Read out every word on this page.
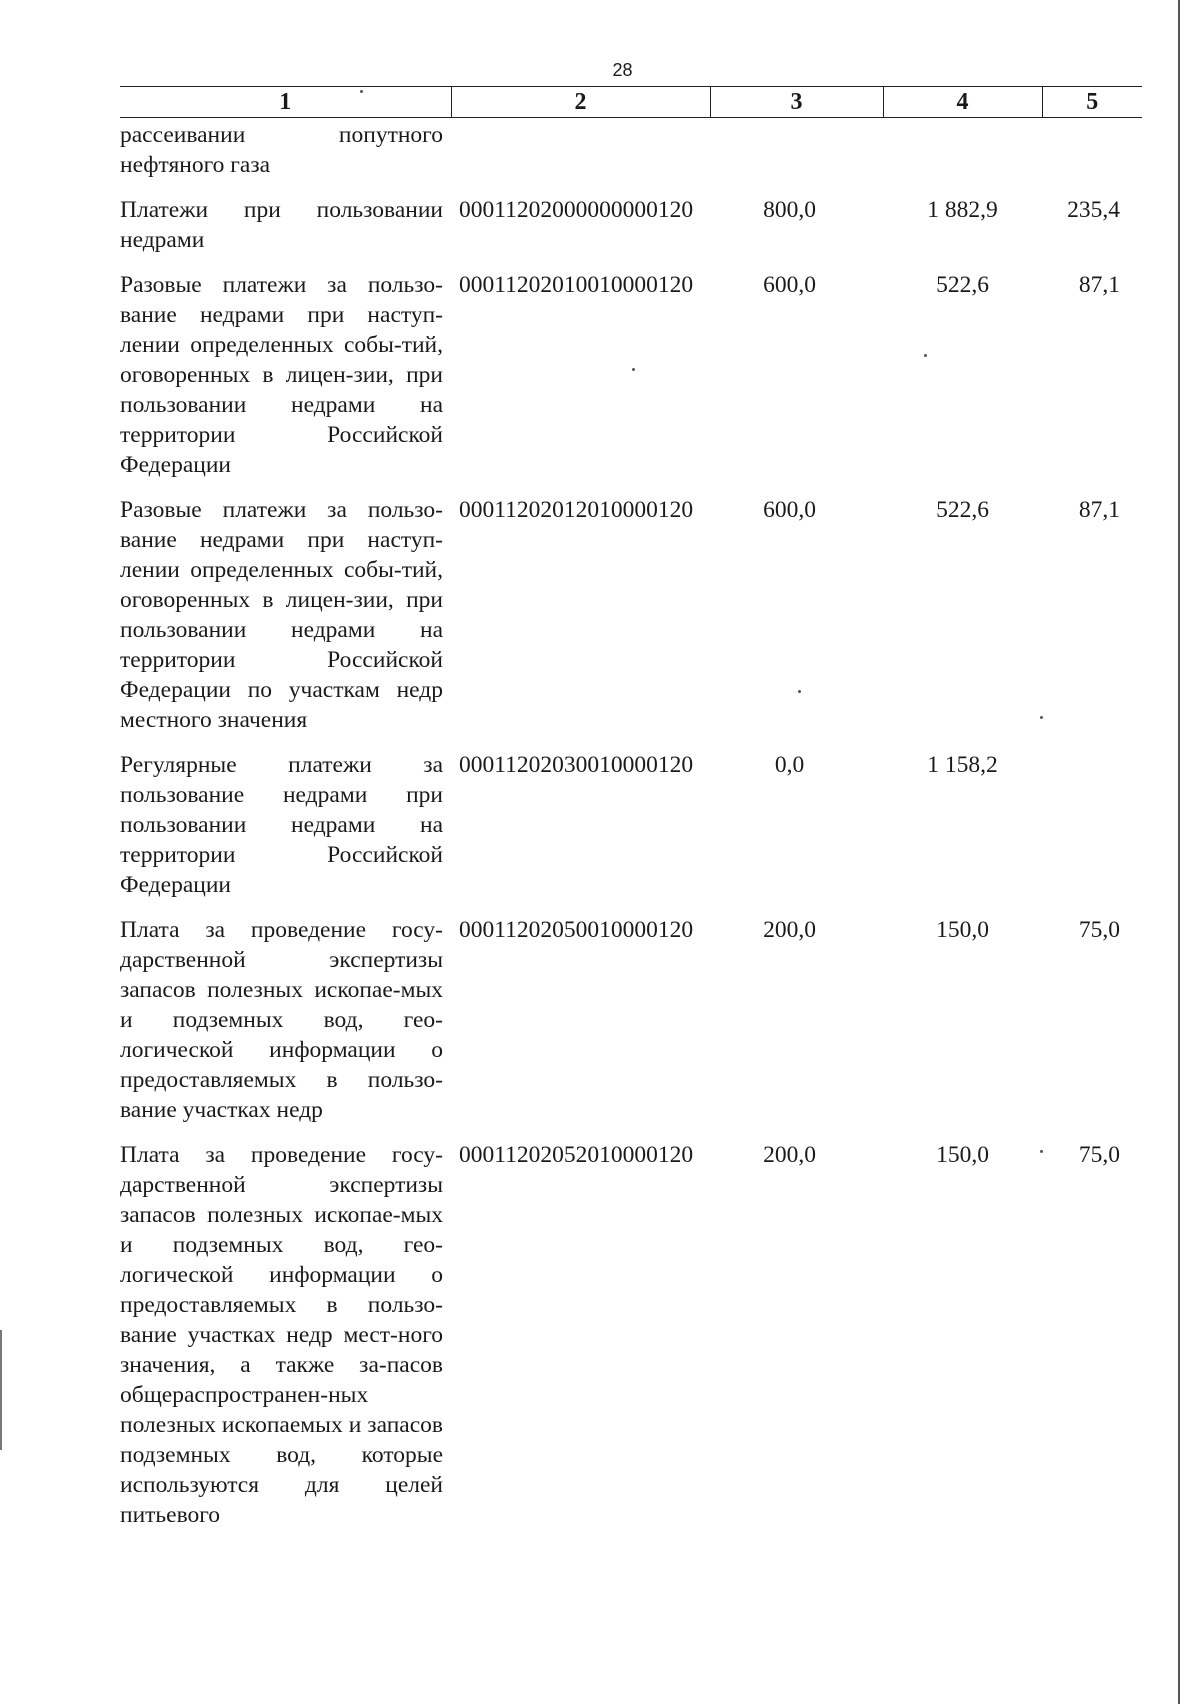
28
1	2	3	4	5
рассеивании попутного нефтяного газа				
Платежи при пользовании недрами	00011202000000000120	800,0	1 882,9	235,4
Разовые платежи за пользо-вание недрами при наступ-лении определенных собы-тий, оговоренных в лицен-зии, при пользовании недрами на территории Российской Федерации	00011202010010000120	600,0	522,6	87,1
Разовые платежи за пользо-вание недрами при наступ-лении определенных собы-тий, оговоренных в лицен-зии, при пользовании недрами на территории Российской Федерации по участкам недр местного значения	00011202012010000120	600,0	522,6	87,1
Регулярные платежи за пользование недрами при пользовании недрами на территории Российской Федерации	00011202030010000120	0,0	1 158,2	
Плата за проведение госу-дарственной экспертизы запасов полезных ископае-мых и подземных вод, гео-логической информации о предоставляемых в пользо-вание участках недр	00011202050010000120	200,0	150,0	75,0
Плата за проведение госу-дарственной экспертизы запасов полезных ископае-мых и подземных вод, гео-логической информации о предоставляемых в пользо-вание участках недр мест-ного значения, а также за-пасов общераспространен-ных полезных ископаемых и запасов подземных вод, которые используются для целей питьевого	00011202052010000120	200,0	150,0	75,0
